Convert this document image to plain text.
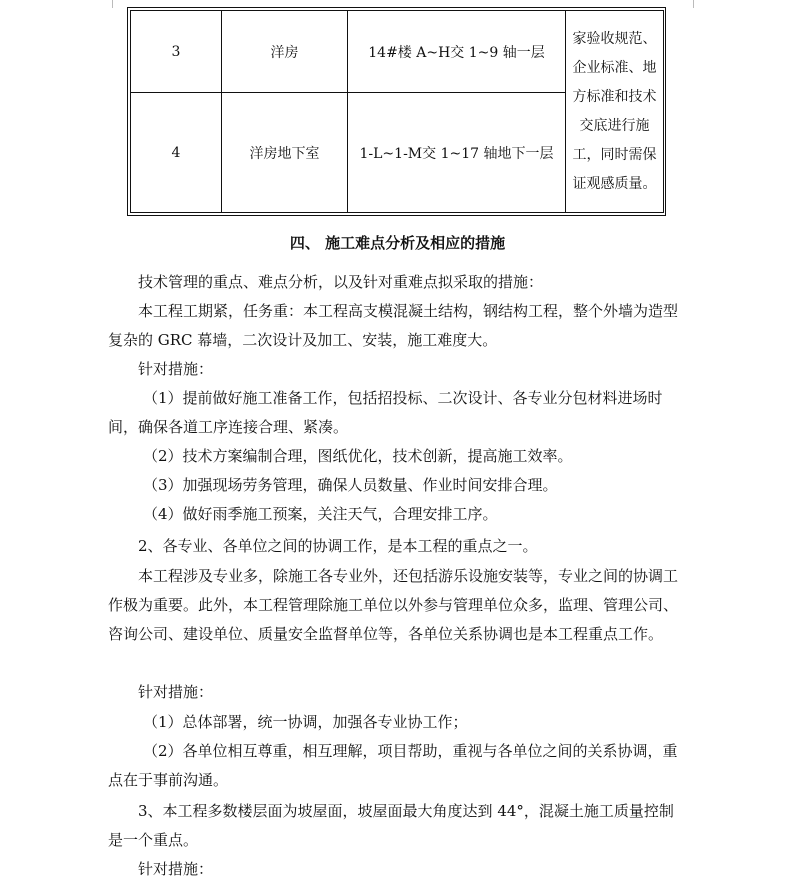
3	洋房	14#楼 A~H交 1~9 轴一层	家验收规范、企业标准、地方标准和技术交底进行施工，同时需保证观感质量。
4	洋房地下室	1-L~1-M交 1~17 轴地下一层	
四、 施工难点分析及相应的措施

技术管理的重点、难点分析，以及针对重难点拟采取的措施：

本工程工期紧，任务重：本工程高支模混凝土结构，钢结构工程，整个外墙为造型复杂的 GRC 幕墙，二次设计及加工、安装，施工难度大。

针对措施：

（1）提前做好施工准备工作，包括招投标、二次设计、各专业分包材料进场时间，确保各道工序连接合理、紧凑。

（2）技术方案编制合理，图纸优化，技术创新，提高施工效率。

（3）加强现场劳务管理，确保人员数量、作业时间安排合理。

（4）做好雨季施工预案，关注天气，合理安排工序。

2、各专业、各单位之间的协调工作，是本工程的重点之一。

本工程涉及专业多，除施工各专业外，还包括游乐设施安装等，专业之间的协调工作极为重要。此外，本工程管理除施工单位以外参与管理单位众多，监理、管理公司、咨询公司、建设单位、质量安全监督单位等，各单位关系协调也是本工程重点工作。

针对措施：

（1）总体部署，统一协调，加强各专业协工作；

（2）各单位相互尊重，相互理解，项目帮助，重视与各单位之间的关系协调，重点在于事前沟通。

3、本工程多数楼层面为坡屋面，坡屋面最大角度达到 44°，混凝土施工质量控制是一个重点。

针对措施：
